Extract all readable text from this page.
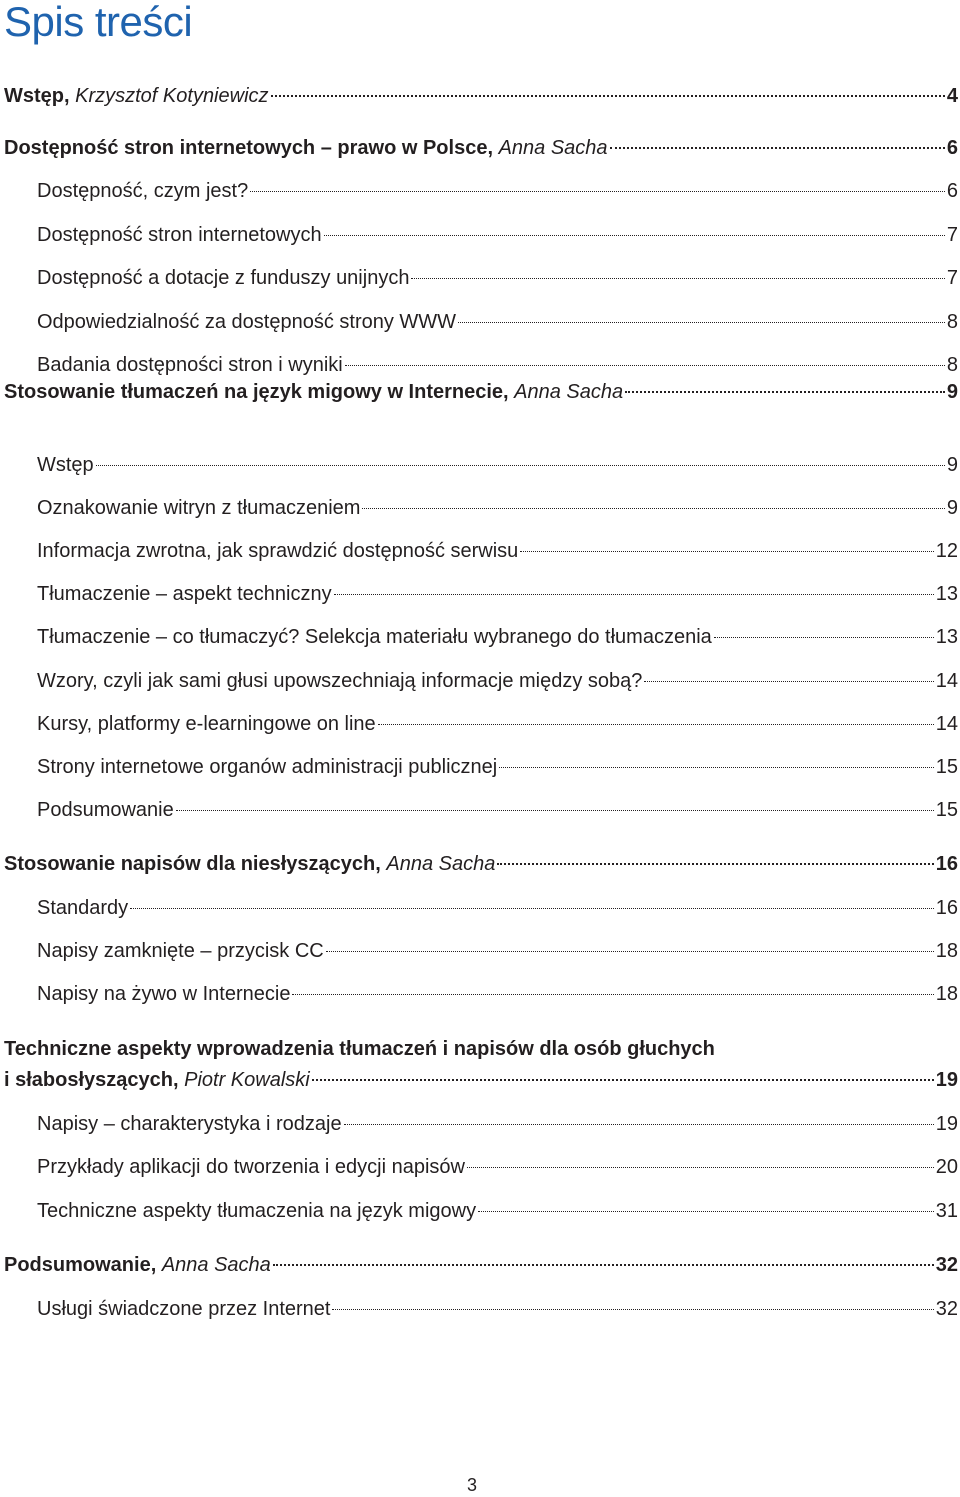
Spis treści
Wstęp,
Krzysztof Kotyniewicz	4
Dostępność stron internetowych – prawo w Polsce,
Anna Sacha	6
Dostępność, czym jest?	6
Dostępność stron internetowych	7
Dostępność a dotacje z funduszy unijnych	7
Odpowiedzialność za dostępność strony WWW	8
Badania dostępności stron i wyniki	8
Stosowanie tłumaczeń na język migowy w Internecie,
Anna Sacha	9
Wstęp	9
Oznakowanie witryn z tłumaczeniem	9
Informacja zwrotna, jak sprawdzić dostępność serwisu	12
Tłumaczenie – aspekt techniczny	13
Tłumaczenie – co tłumaczyć? Selekcja materiału wybranego do tłumaczenia	13
Wzory, czyli jak sami głusi upowszechniają informacje między sobą?	14
Kursy, platformy e-learningowe on line	14
Strony internetowe organów administracji publicznej	15
Podsumowanie	15
Stosowanie napisów dla niesłyszących,
Anna Sacha	16
Standardy	16
Napisy zamknięte – przycisk CC	18
Napisy na żywo w Internecie	18
Techniczne aspekty wprowadzenia tłumaczeń i napisów dla osób głuchych
i słabosłyszących,
Piotr Kowalski	19
Napisy – charakterystyka i rodzaje	19
Przykłady aplikacji do tworzenia i edycji napisów	20
Techniczne aspekty tłumaczenia na język migowy	31
Podsumowanie,
Anna Sacha	32
Usługi świadczone przez Internet	32
3
